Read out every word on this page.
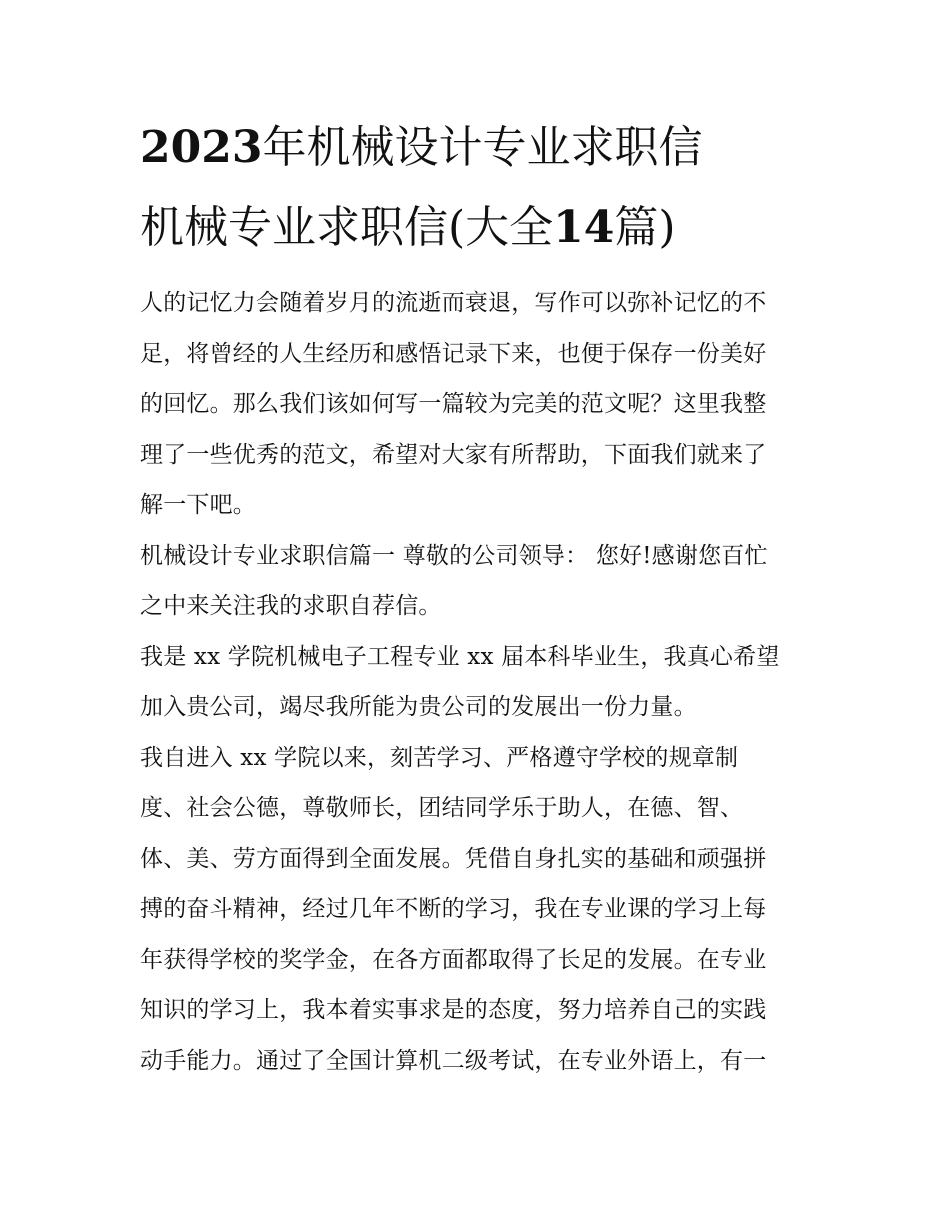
2023年机械设计专业求职信
机械专业求职信(大全14篇)

人的记忆力会随着岁月的流逝而衰退，写作可以弥补记忆的不
足，将曾经的人生经历和感悟记录下来，也便于保存一份美好
的回忆。那么我们该如何写一篇较为完美的范文呢？这里我整
理了一些优秀的范文，希望对大家有所帮助，下面我们就来了
解一下吧。

机械设计专业求职信篇一 尊敬的公司领导： 您好!感谢您百忙
之中来关注我的求职自荐信。

我是 xx 学院机械电子工程专业 xx 届本科毕业生，我真心希望
加入贵公司，竭尽我所能为贵公司的发展出一份力量。

我自进入 xx 学院以来，刻苦学习、严格遵守学校的规章制
度、社会公德，尊敬师长，团结同学乐于助人，在德、智、
体、美、劳方面得到全面发展。凭借自身扎实的基础和顽强拼
搏的奋斗精神，经过几年不断的学习，我在专业课的学习上每
年获得学校的奖学金，在各方面都取得了长足的发展。在专业
知识的学习上，我本着实事求是的态度，努力培养自己的实践
动手能力。通过了全国计算机二级考试，在专业外语上，有一
